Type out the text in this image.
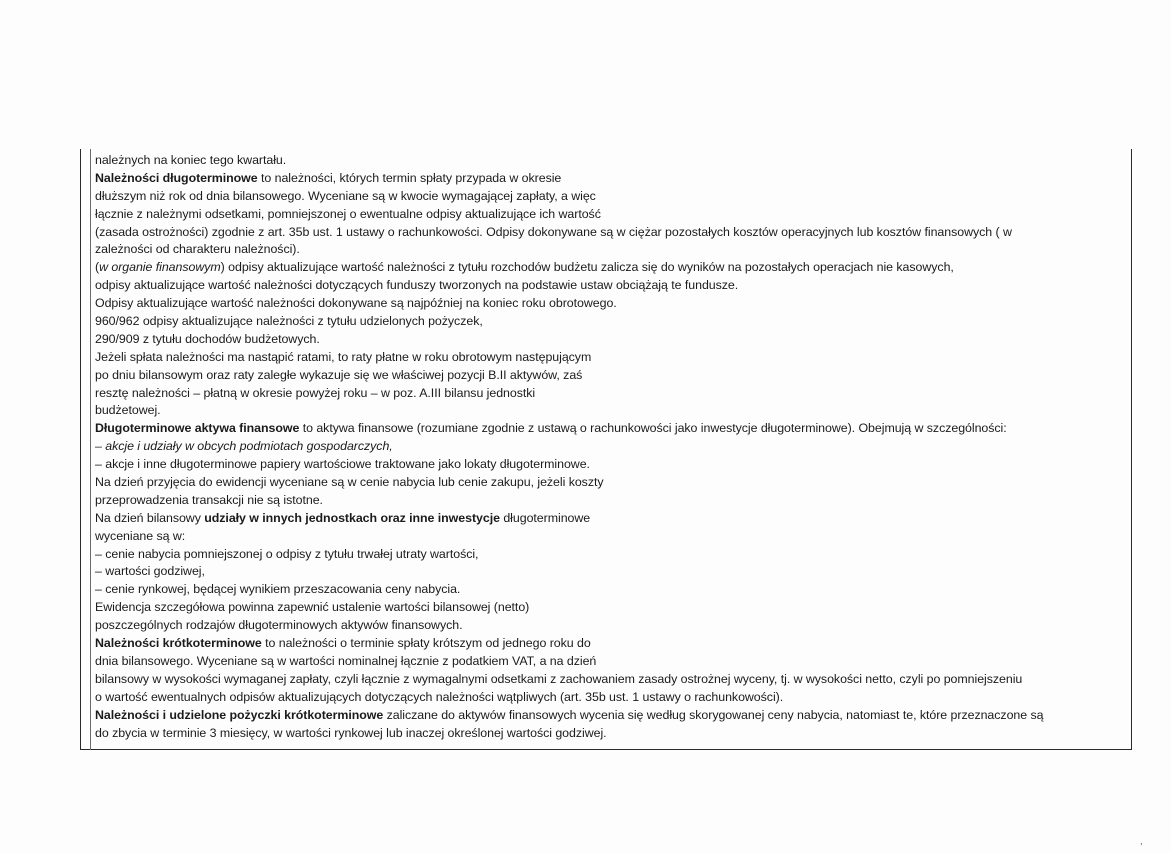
należnych na koniec tego kwartału.
Należności długoterminowe to należności, których termin spłaty przypada w okresie
dłuższym niż rok od dnia bilansowego. Wyceniane są w kwocie wymagającej zapłaty, a więc
łącznie z należnymi odsetkami, pomniejszonej o ewentualne odpisy aktualizujące ich wartość
(zasada ostrożności) zgodnie z art. 35b ust. 1 ustawy o rachunkowości. Odpisy dokonywane są w ciężar pozostałych kosztów operacyjnych lub kosztów finansowych ( w
zależności od charakteru należności).
(w organie finansowym) odpisy aktualizujące wartość należności z tytułu rozchodów budżetu zalicza się do wyników na pozostałych operacjach nie kasowych,
odpisy aktualizujące wartość należności dotyczących funduszy tworzonych na podstawie ustaw obciążają te fundusze.
Odpisy aktualizujące wartość należności dokonywane są najpóźniej na koniec roku obrotowego.
960/962 odpisy aktualizujące należności z tytułu udzielonych pożyczek,
290/909 z tytułu dochodów budżetowych.
Jeżeli spłata należności ma nastąpić ratami, to raty płatne w roku obrotowym następującym
po dniu bilansowym oraz raty zaległe wykazuje się we właściwej pozycji B.II aktywów, zaś
resztę należności – płatną w okresie powyżej roku – w poz. A.III bilansu jednostki
budżetowej.
Długoterminowe aktywa finansowe to aktywa finansowe (rozumiane zgodnie z ustawą o rachunkowości jako inwestycje długoterminowe). Obejmują w szczególności:
– akcje i udziały w obcych podmiotach gospodarczych,
– akcje i inne długoterminowe papiery wartościowe traktowane jako lokaty długoterminowe.
Na dzień przyjęcia do ewidencji wyceniane są w cenie nabycia lub cenie zakupu, jeżeli koszty
przeprowadzenia transakcji nie są istotne.
Na dzień bilansowy udziały w innych jednostkach oraz inne inwestycje długoterminowe
wyceniane są w:
– cenie nabycia pomniejszonej o odpisy z tytułu trwałej utraty wartości,
– wartości godziwej,
– cenie rynkowej, będącej wynikiem przeszacowania ceny nabycia.
Ewidencja szczegółowa powinna zapewnić ustalenie wartości bilansowej (netto)
poszczególnych rodzajów długoterminowych aktywów finansowych.
Należności krótkoterminowe to należności o terminie spłaty krótszym od jednego roku do
dnia bilansowego. Wyceniane są w wartości nominalnej łącznie z podatkiem VAT, a na dzień
bilansowy w wysokości wymaganej zapłaty, czyli łącznie z wymagalnymi odsetkami z zachowaniem zasady ostrożnej wyceny, tj. w wysokości netto, czyli po pomniejszeniu
o wartość ewentualnych odpisów aktualizujących dotyczących należności wątpliwych (art. 35b ust. 1 ustawy o rachunkowości).
Należności i udzielone pożyczki krótkoterminowe zaliczane do aktywów finansowych wycenia się według skorygowanej ceny nabycia, natomiast te, które przeznaczone są
do zbycia w terminie 3 miesięcy, w wartości rynkowej lub inaczej określonej wartości godziwej.
,
